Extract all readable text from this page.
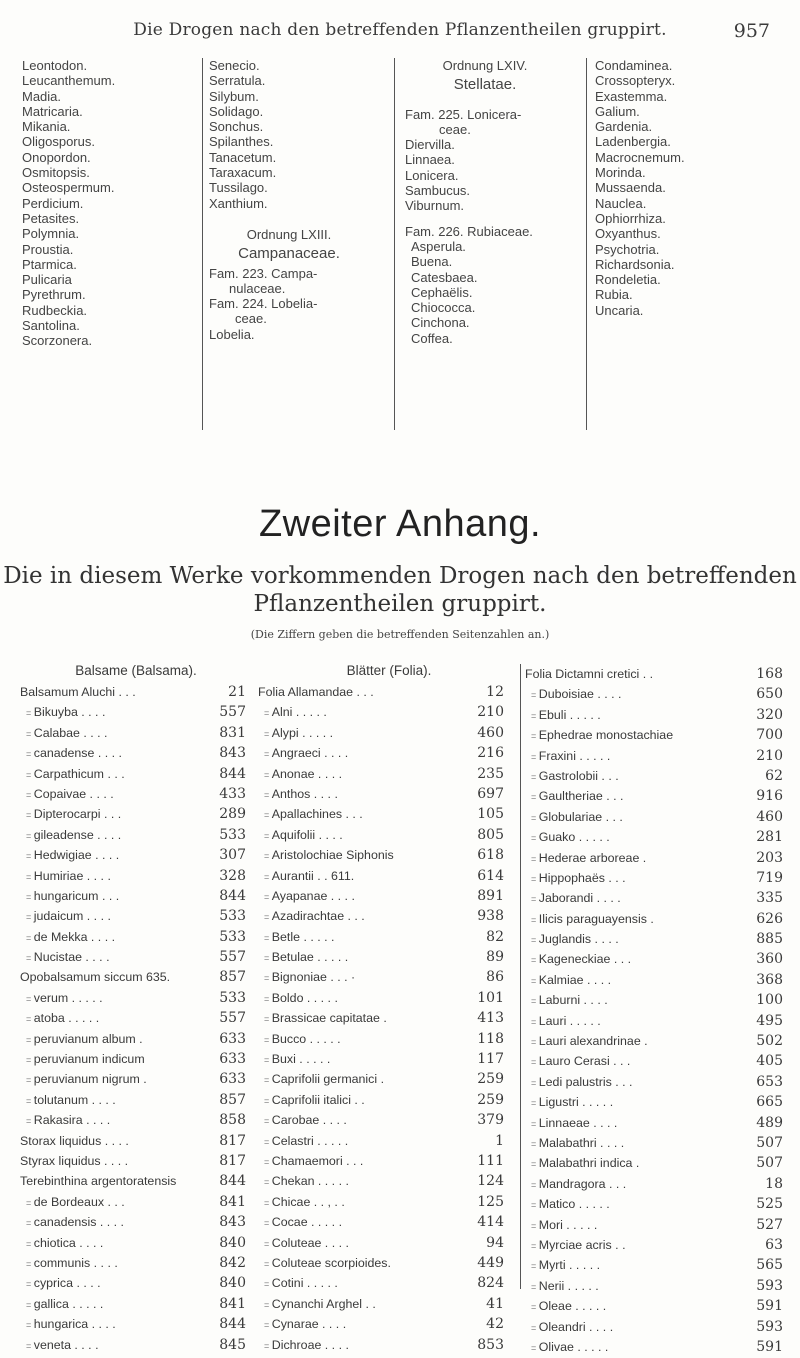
Die Drogen nach den betreffenden Pflanzentheilen gruppirt.	957
Leontodon.
Leucanthemum.
Madia.
Matricaria.
Mikania.
Oligosporus.
Onopordon.
Osmitopsis.
Osteospermum.
Perdicium.
Petasites.
Polymnia.
Proustia.
Ptarmica.
Pulicaria
Pyrethrum.
Rudbeckia.
Santolina.
Scorzonera.
Senecio.
Serratula.
Silybum.
Solidago.
Sonchus.
Spilanthes.
Tanacetum.
Taraxacum.
Tussilago.
Xanthium.
Ordnung LXIII.
Campanaceae.
Fam. 223. Campa-
nulaceae.
Fam. 224. Lobelia-
ceae.
Lobelia.
Ordnung LXIV.
Stellatae.
Fam. 225. Lonicera-
ceae.
Diervilla.
Linnaea.
Lonicera.
Sambucus.
Viburnum.
Fam. 226. Rubiaceae.
Asperula.
Buena.
Catesbaea.
Cephaëlis.
Chiococca.
Cinchona.
Coffea.
Condaminea.
Crossopteryx.
Exastemma.
Galium.
Gardenia.
Ladenbergia.
Macrocnemum.
Morinda.
Mussaenda.
Nauclea.
Ophiorrhiza.
Oxyanthus.
Psychotria.
Richardsonia.
Rondeletia.
Rubia.
Uncaria.
Zweiter Anhang.
Die in diesem Werke vorkommenden Drogen nach den betreffenden
Pflanzentheilen gruppirt.
(Die Ziffern geben die betreffenden Seitenzahlen an.)
Balsame (Balsama).
Balsamum Aluchi . . .	21
= Bikuyba . . . .	557
= Calabae . . . .	831
= canadense . . . .	843
= Carpathicum . . .	844
= Copaivae . . . .	433
= Dipterocarpi . . .	289
= gileadense . . . .	533
= Hedwigiae . . . .	307
= Humiriae . . . .	328
= hungaricum . . .	844
= judaicum . . . .	533
= de Mekka . . . .	533
= Nucistae . . . .	557
Opobalsamum siccum 635.	857
= verum . . . . .	533
= atoba . . . . .	557
= peruvianum album .	633
= peruvianum indicum	633
= peruvianum nigrum .	633
= tolutanum . . . .	857
= Rakasira . . . .	858
Storax liquidus . . . .	817
Styrax liquidus . . . .	817
Terebinthina argentoratensis	844
= de Bordeaux . . .	841
= canadensis . . . .	843
= chiotica . . . .	840
= communis . . . .	842
= cyprica . . . .	840
= gallica . . . . .	841
= hungarica . . . .	844
= veneta . . . .	845
Blätter (Folia).
Folia Allamandae . . .	12
= Alni . . . . .	210
= Alypi . . . . .	460
= Angraeci . . . .	216
= Anonae . . . .	235
= Anthos . . . .	697
= Apallachines . . .	105
= Aquifolii . . . .	805
= Aristolochiae Siphonis	618
= Aurantii . . 611.	614
= Ayapanae . . . .	891
= Azadirachtae . . .	938
= Betle . . . . .	82
= Betulae . . . . .	89
= Bignoniae . . . ·	86
= Boldo . . . . .	101
= Brassicae capitatae .	413
= Bucco . . . . .	118
= Buxi . . . . .	117
= Caprifolii germanici .	259
= Caprifolii italici . .	259
= Carobae . . . .	379
= Celastri . . . . .	1
= Chamaemori . . .	111
= Chekan . . . . .	124
= Chicae . . , . .	125
= Cocae . . . . .	414
= Coluteae . . . .	94
= Coluteae scorpioides.	449
= Cotini . . . . .	824
= Cynanchi Arghel . .	41
= Cynarae . . . .	42
= Dichroae . . . .	853
Folia Dictamni cretici . .	168
= Duboisiae . . . .	650
= Ebuli . . . . .	320
= Ephedrae monostachiae	700
= Fraxini . . . . .	210
= Gastrolobii . . .	62
= Gaultheriae . . .	916
= Globulariae . . .	460
= Guako . . . . .	281
= Hederae arboreae .	203
= Hippophaës . . .	719
= Jaborandi . . . .	335
= Ilicis paraguayensis .	626
= Juglandis . . . .	885
= Kageneckiae . . .	360
= Kalmiae . . . .	368
= Laburni . . . .	100
= Lauri . . . . .	495
= Lauri alexandrinae .	502
= Lauro Cerasi . . .	405
= Ledi palustris . . .	653
= Ligustri . . . . .	665
= Linnaeae . . . .	489
= Malabathri . . . .	507
= Malabathri indica .	507
= Mandragora . . .	18
= Matico . . . . .	525
= Mori . . . . .	527
= Myrciae acris . .	63
= Myrti . . . . .	565
= Nerii . . . . .	593
= Oleae . . . . .	591
= Oleandri . . . .	593
= Olivae . . . . .	591
